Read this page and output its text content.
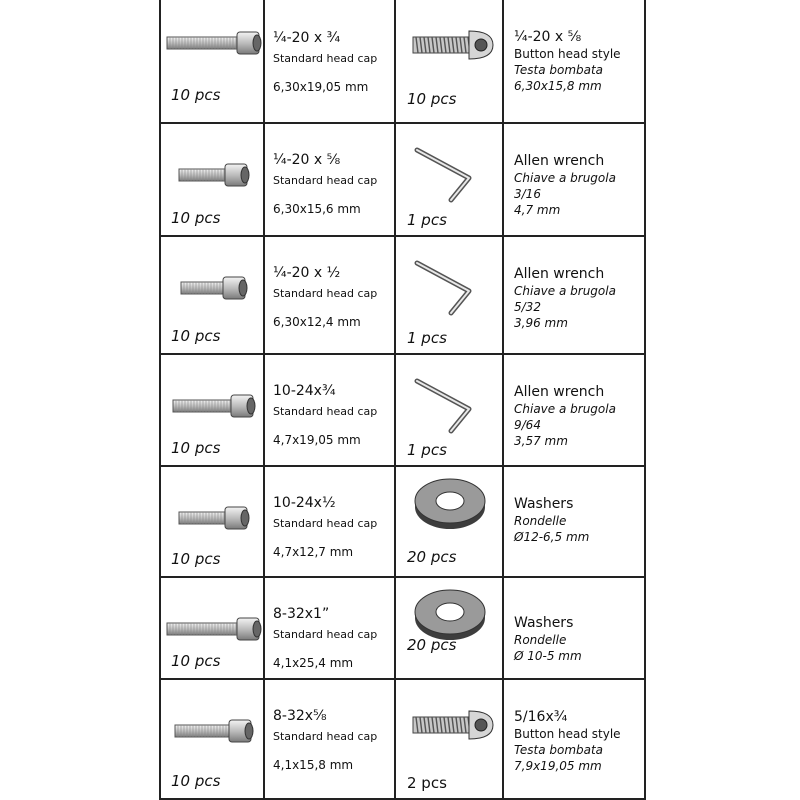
10 pcs
¼-20 x ¾
Standard head cap
6,30x19,05 mm
10 pcs
¼-20 x ⅝
Button head style
Testa bombata
6,30x15,8 mm
10 pcs
¼-20 x ⅝
Standard head cap
6,30x15,6 mm
1 pcs
Allen wrench
Chiave a brugola
3/16
4,7 mm
10 pcs
¼-20 x ½
Standard head cap
6,30x12,4 mm
1 pcs
Allen wrench
Chiave a brugola
5/32
3,96 mm
10 pcs
10-24x¾
Standard head cap
4,7x19,05 mm
1 pcs
Allen wrench
Chiave a brugola
9/64
3,57 mm
10 pcs
10-24x½
Standard head cap
4,7x12,7 mm	20 pcs
Washers
Rondelle
Ø12-6,5 mm
10 pcs
8-32x1”
Standard head cap
4,1x25,4 mm
20 pcs
Washers
Rondelle
Ø 10-5 mm
10 pcs
8-32x⅝
Standard head cap
4,1x15,8 mm
2 pcs
5/16x¾
Button head style
Testa bombata
7,9x19,05 mm
